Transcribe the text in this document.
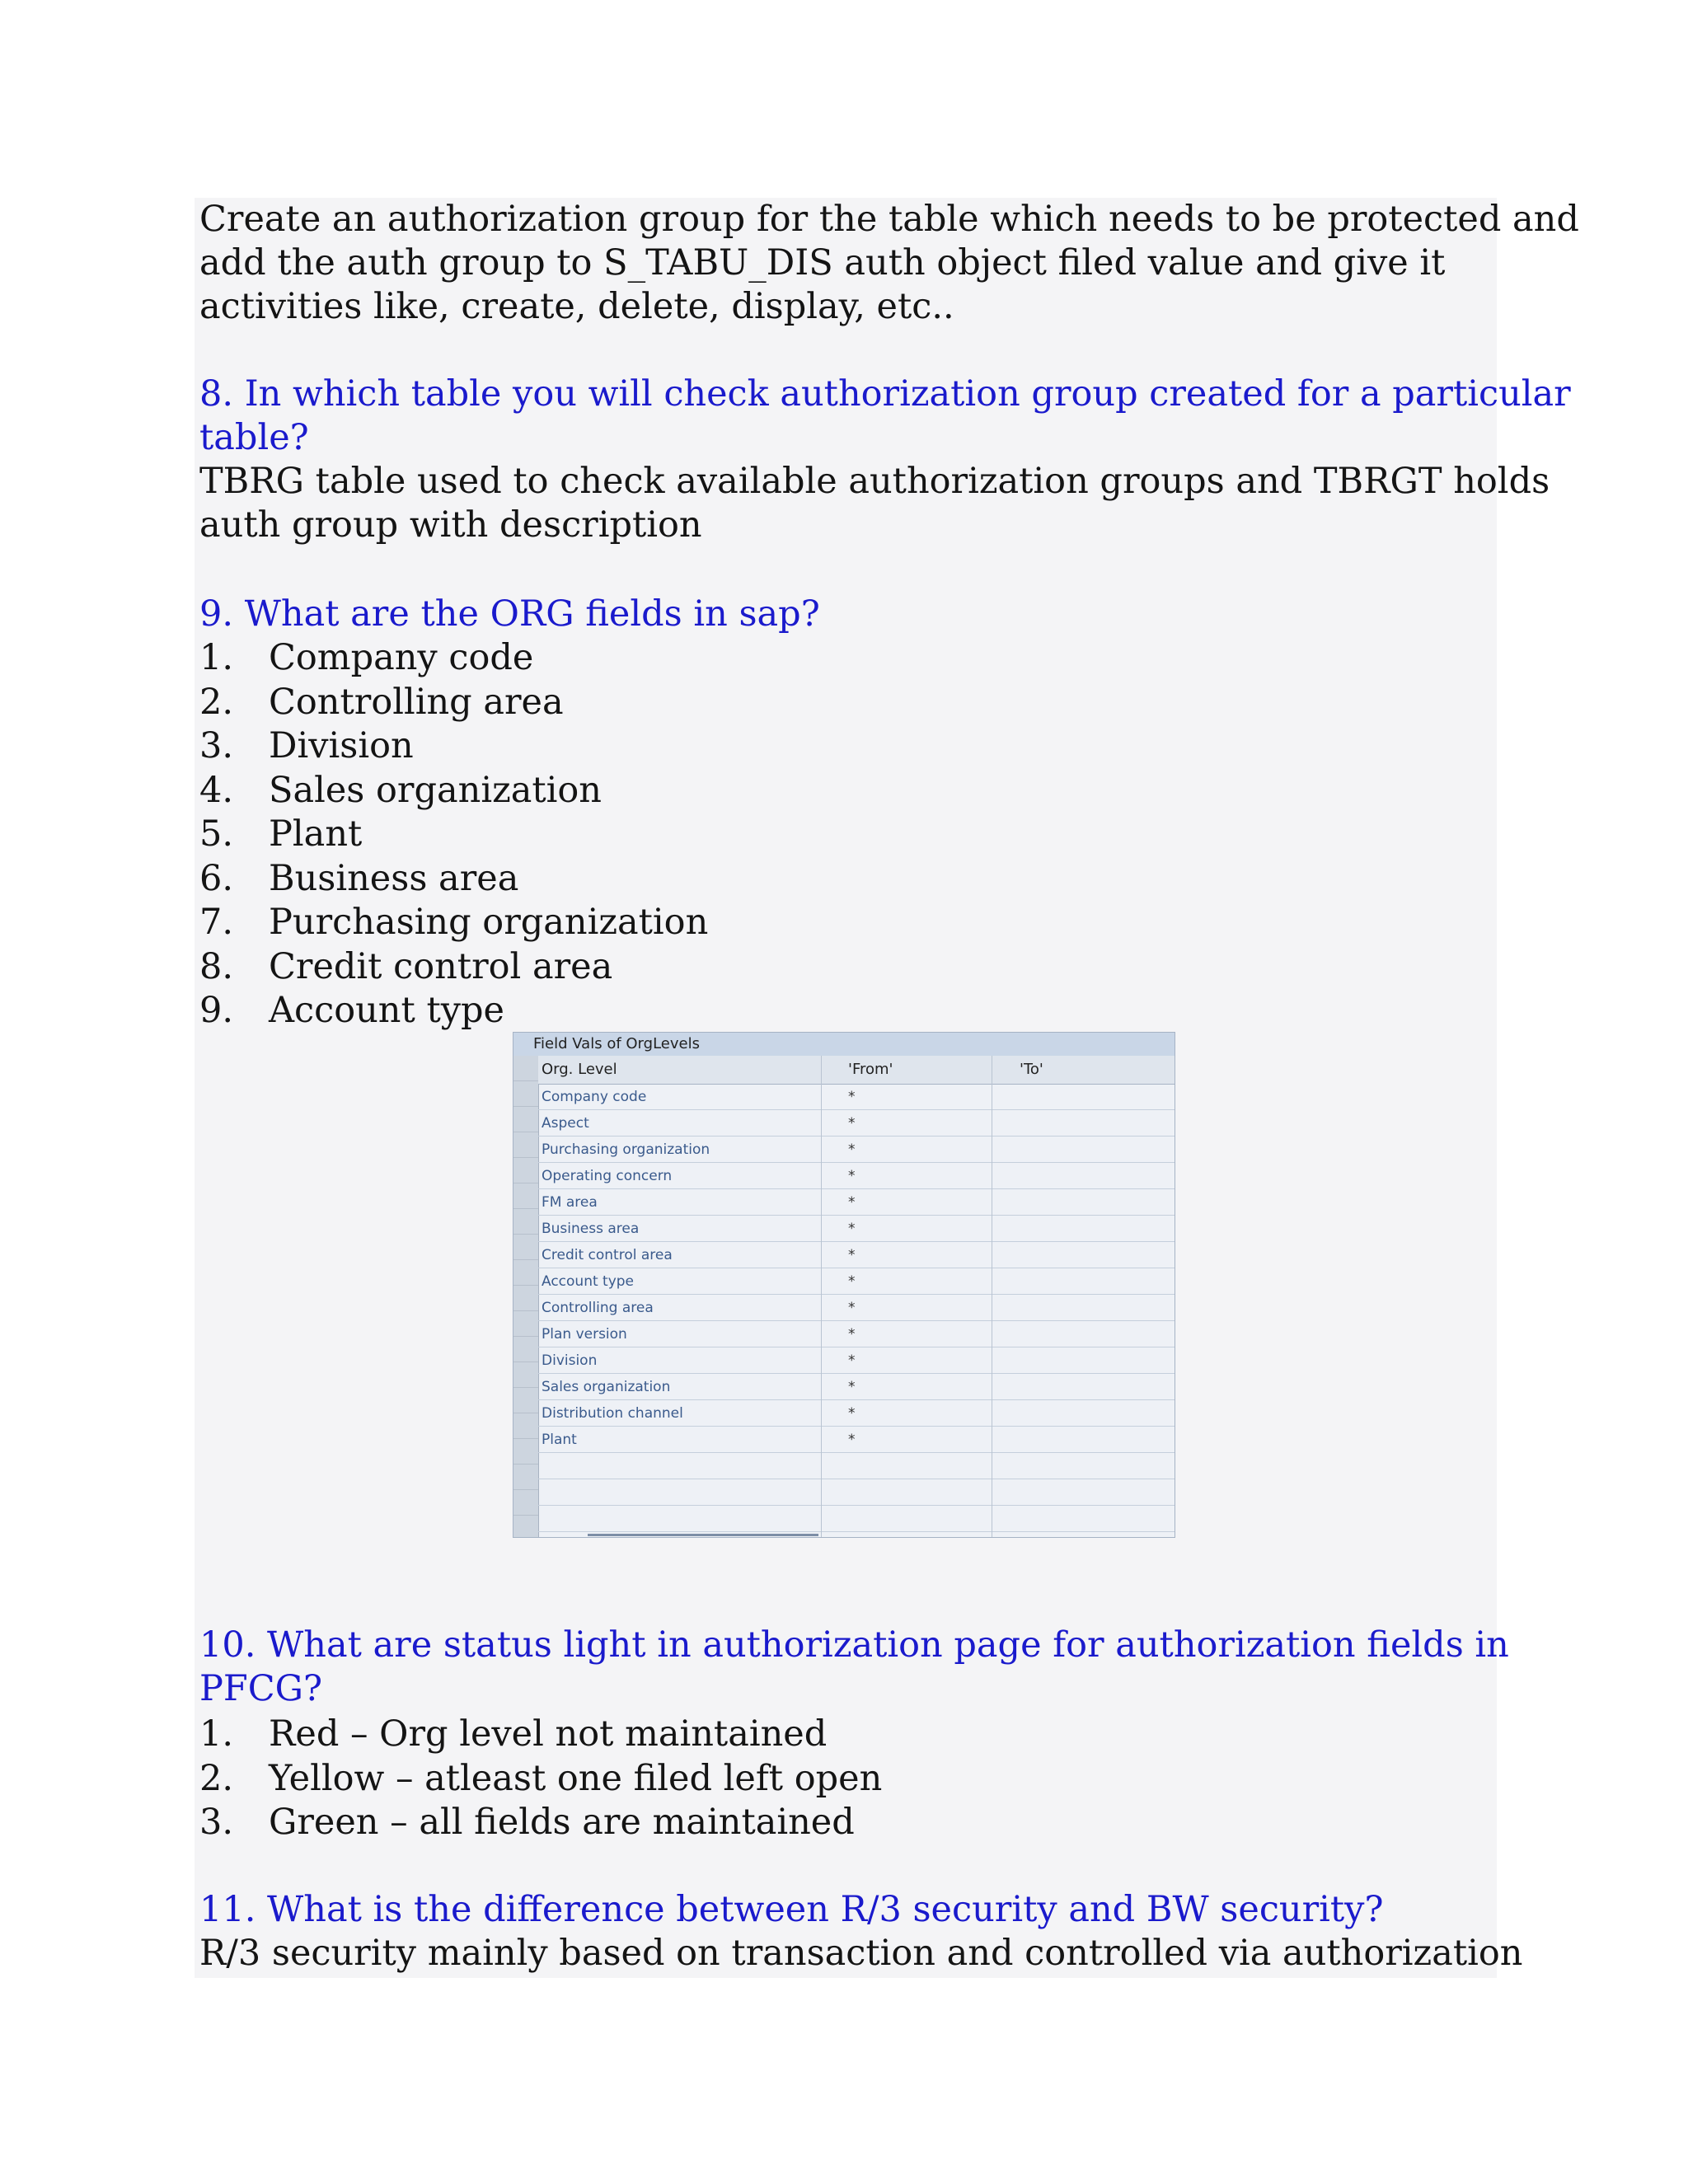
Create an authorization group for the table which needs to be protected and
add the auth group to S_TABU_DIS auth object filed value and give it
activities like, create, delete, display, etc..
8. In which table you will check authorization group created for a particular
table?
TBRG table used to check available authorization groups and TBRGT holds
auth group with description
9. What are the ORG fields in sap?
1. Company code
2. Controlling area
3. Division
4. Sales organization
5. Plant
6. Business area
7. Purchasing organization
8. Credit control area
9. Account type
Field Vals of OrgLevels
Org. Level	'From'	'To'
Company code	*
Aspect	*
Purchasing organization	*
Operating concern	*
FM area	*
Business area	*
Credit control area	*
Account type	*
Controlling area	*
Plan version	*
Division	*
Sales organization	*
Distribution channel	*
Plant	*
10. What are status light in authorization page for authorization fields in
PFCG?
1. Red – Org level not maintained
2. Yellow – atleast one filed left open
3. Green – all fields are maintained
11. What is the difference between R/3 security and BW security?
R/3 security mainly based on transaction and controlled via authorization
